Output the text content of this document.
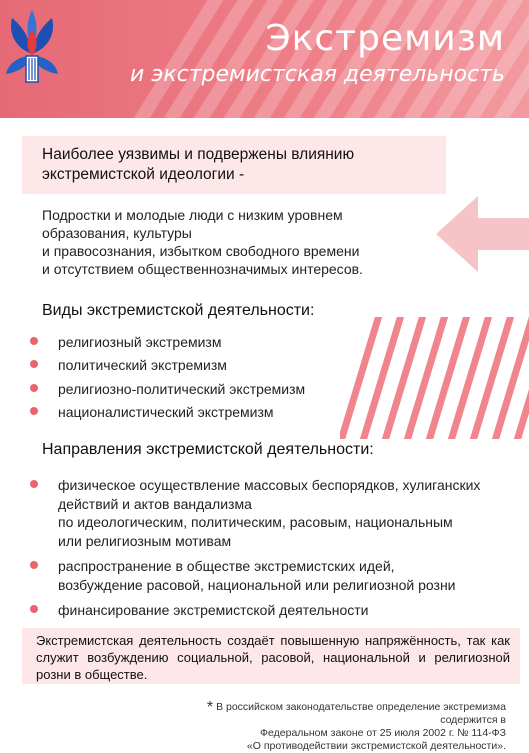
Экстремизм
и экстремистская деятельность
Наиболее уязвимы и подвержены влиянию экстремистской идеологии -
Подростки и молодые люди с низким уровнем
образования, культуры
и правосознания, избытком свободного времени
и отсутствием общественнозначимых интересов.
Виды экстремистской деятельности:
религиозный экстремизм
политический экстремизм
религиозно-политический экстремизм
националистический экстремизм
Направления экстремистской деятельности:
физическое осуществление массовых беспорядков, хулиганских
действий и актов вандализма
по идеологическим, политическим, расовым, национальным
или религиозным мотивам
распространение в обществе экстремистских идей,
возбуждение расовой, национальной или религиозной розни
финансирование экстремистской деятельности
Экстремистская деятельность создаёт повышенную напряжённость, так как служит возбуждению социальной, расовой, национальной и религиозной розни в обществе.
* В российском законодательстве определение экстремизма содержится в
Федеральном законе от 25 июля 2002 г. № 114-ФЗ
«О противодействии экстремистской деятельности».
